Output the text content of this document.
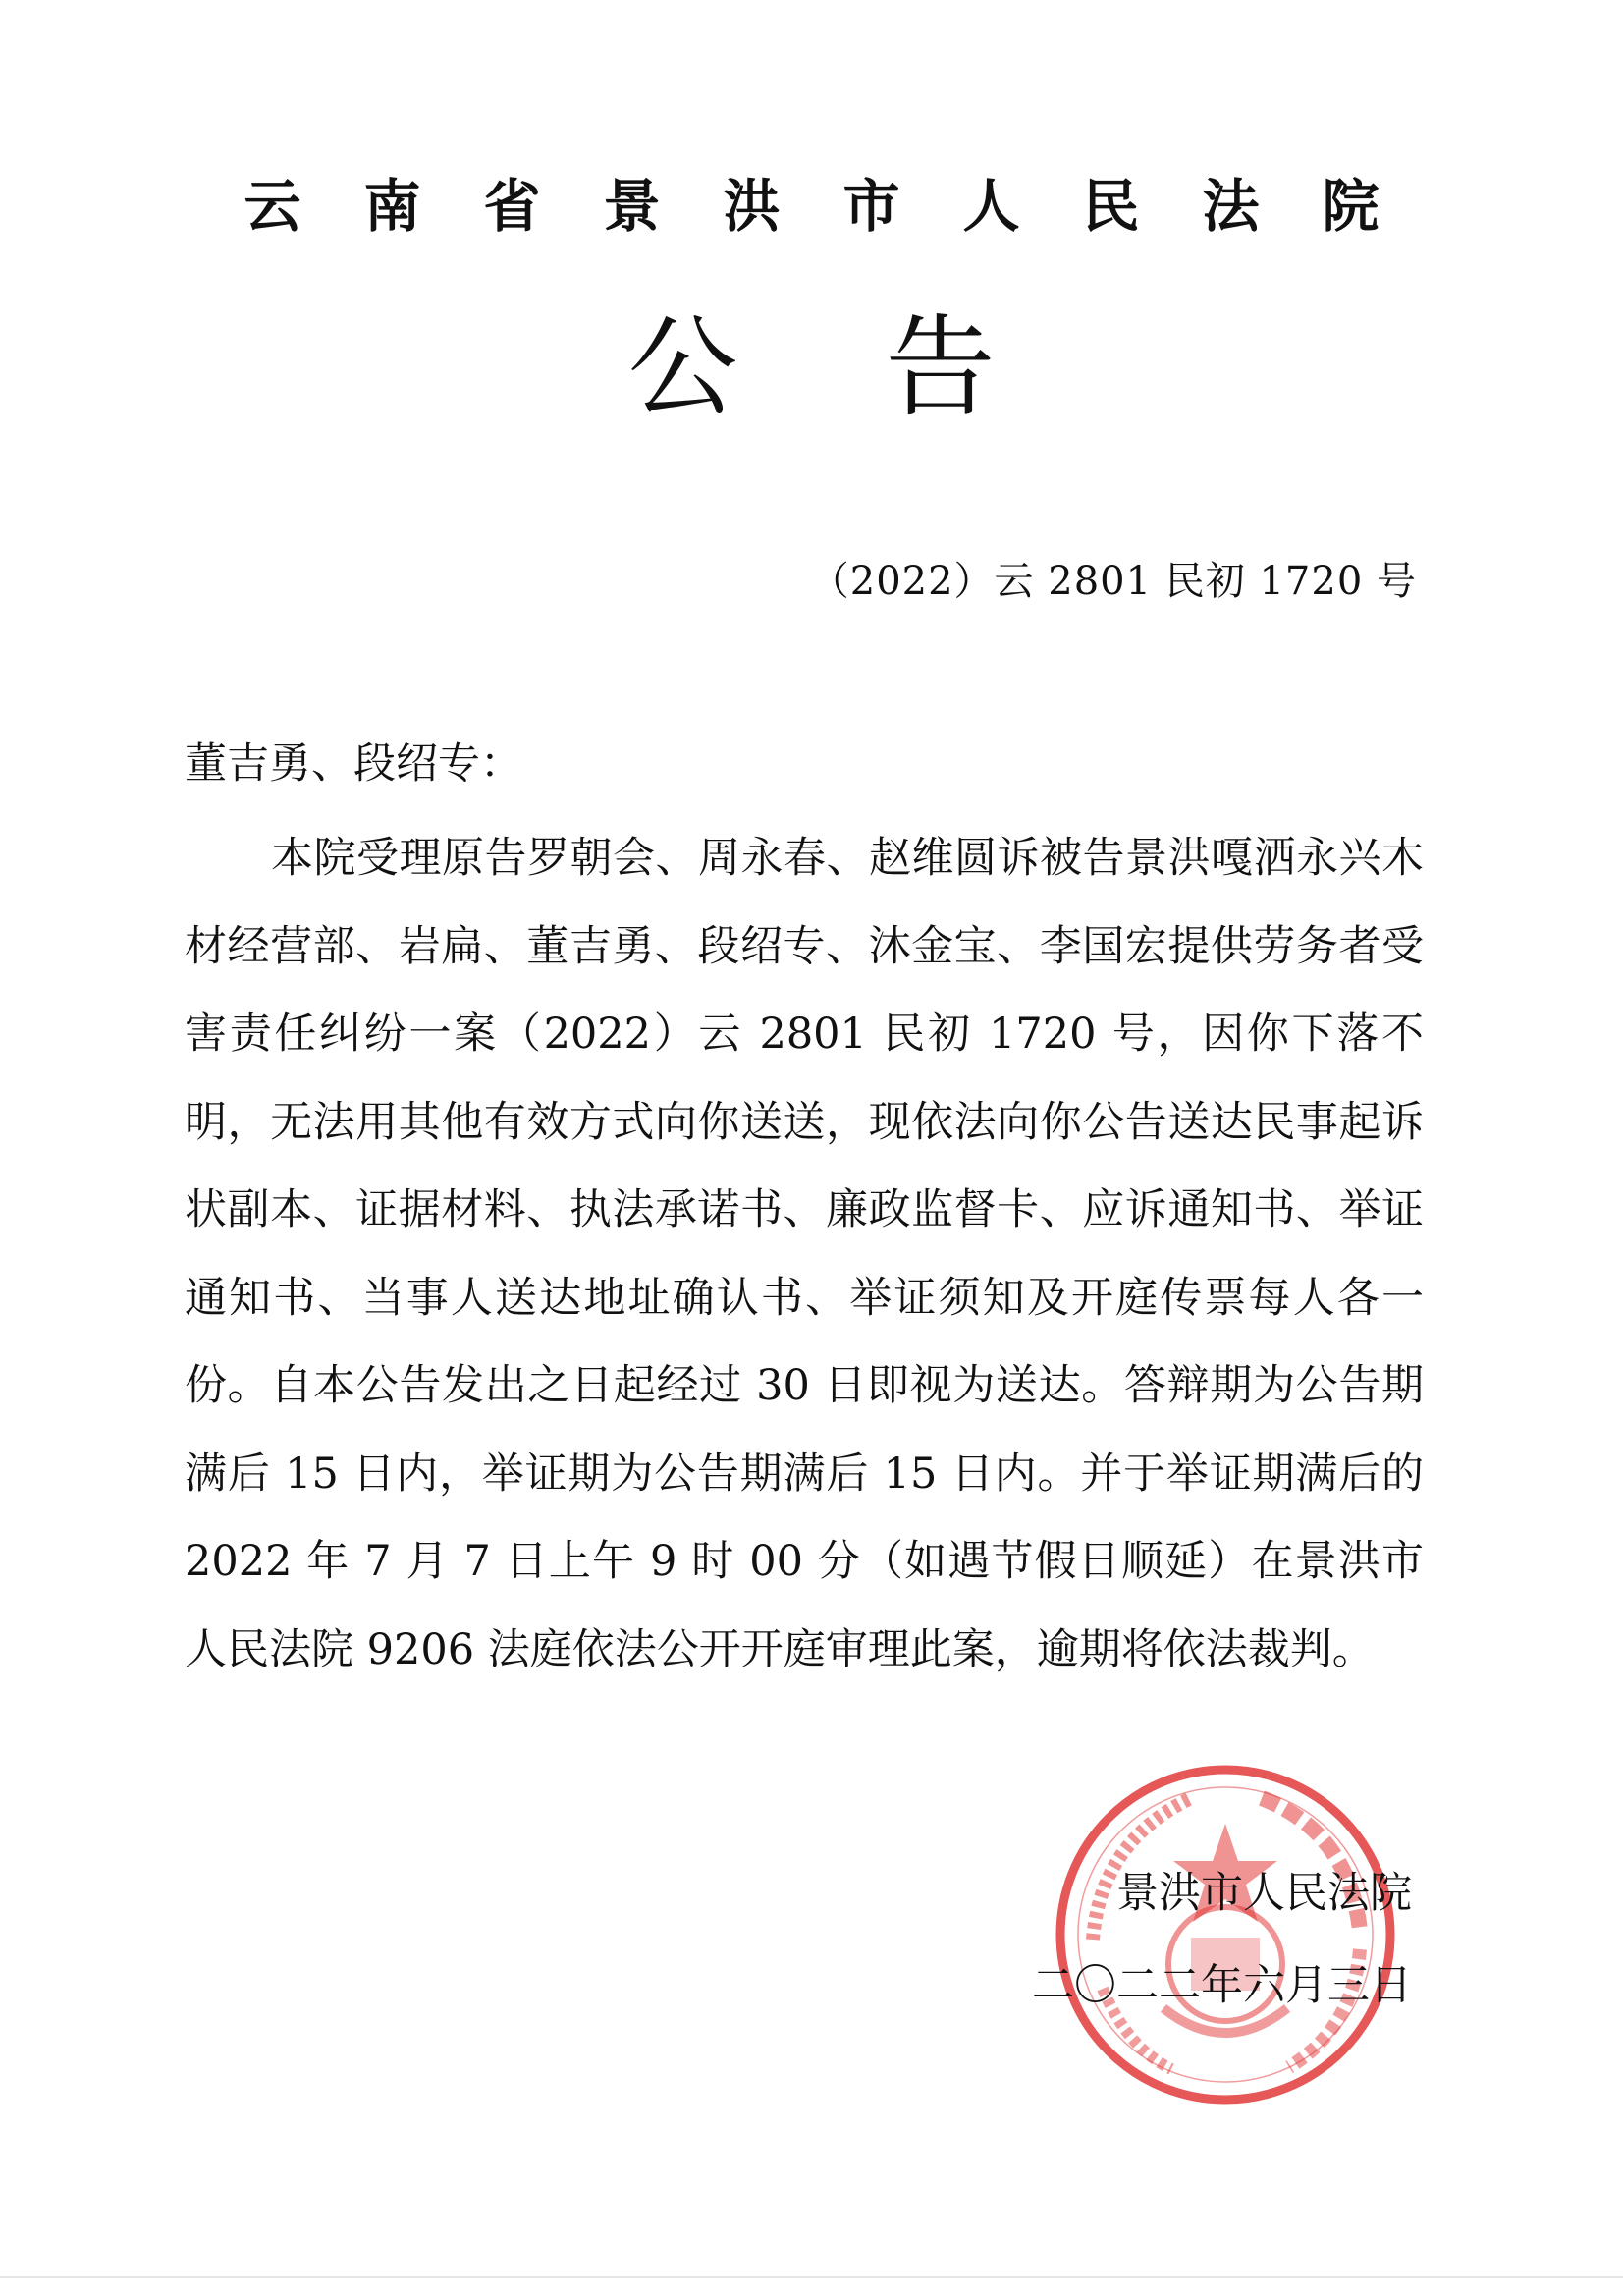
云南省景洪市人民法院
公告
（2022）云 2801 民初 1720 号
董吉勇、段绍专：

本院受理原告罗朝会、周永春、赵维圆诉被告景洪嘎洒永兴木材经营部、岩扁、董吉勇、段绍专、沐金宝、李国宏提供劳务者受害责任纠纷一案（2022）云 2801 民初 1720 号，因你下落不明，无法用其他有效方式向你送送，现依法向你公告送达民事起诉状副本、证据材料、执法承诺书、廉政监督卡、应诉通知书、举证通知书、当事人送达地址确认书、举证须知及开庭传票每人各一份。自本公告发出之日起经过 30 日即视为送达。答辩期为公告期满后 15 日内，举证期为公告期满后 15 日内。并于举证期满后的 2022 年 7 月 7 日上午 9 时 00 分（如遇节假日顺延）在景洪市人民法院 9206 法庭依法公开开庭审理此案，逾期将依法裁判。

景洪市人民法院
二〇二二年六月三日
